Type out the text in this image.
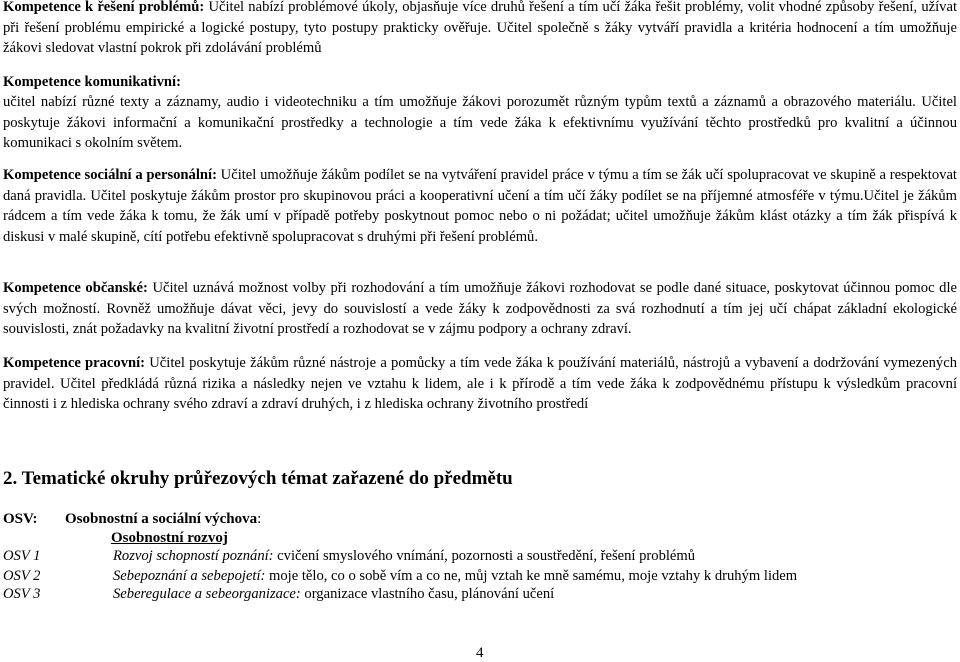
Kompetence k řešení problémů: Učitel nabízí problémové úkoly, objasňuje více druhů řešení a tím učí žáka řešit problémy, volit vhodné způsoby řešení, užívat při řešení problému empirické a logické postupy, tyto postupy prakticky ověřuje. Učitel společně s žáky vytváří pravidla a kritéria hodnocení a tím umožňuje žákovi sledovat vlastní pokrok při zdolávání problémů

Kompetence komunikativní:

učitel nabízí různé texty a záznamy, audio i videotechniku a tím umožňuje žákovi porozumět různým typům textů a záznamů a obrazového materiálu. Učitel poskytuje žákovi informační a komunikační prostředky a technologie a tím vede žáka k efektivnímu využívání těchto prostředků pro kvalitní a účinnou komunikaci s okolním světem.

Kompetence sociální a personální: Učitel umožňuje žákům podílet se na vytváření pravidel práce v týmu a tím se žák učí spolupracovat ve skupině a respektovat daná pravidla. Učitel poskytuje žákům prostor pro skupinovou práci a kooperativní učení a tím učí žáky podílet se na příjemné atmosféře v týmu.Učitel je žákům rádcem a tím vede žáka k tomu, že žák umí v případě potřeby poskytnout pomoc nebo o ni požádat; učitel umožňuje žákům klást otázky a tím žák přispívá k diskusi v malé skupině, cítí potřebu efektivně spolupracovat s druhými při řešení problémů.

Kompetence občanské: Učitel uznává možnost volby při rozhodování a tím umožňuje žákovi rozhodovat se podle dané situace, poskytovat účinnou pomoc dle svých možností. Rovněž umožňuje dávat věci, jevy do souvislostí a vede žáky k zodpovědnosti za svá rozhodnutí a tím jej učí chápat základní ekologické souvislosti, znát požadavky na kvalitní životní prostředí a rozhodovat se v zájmu podpory a ochrany zdraví.

Kompetence pracovní: Učitel poskytuje žákům různé nástroje a pomůcky a tím vede žáka k používání materiálů, nástrojů a vybavení a dodržování vymezených pravidel. Učitel předkládá různá rizika a následky nejen ve vztahu k lidem, ale i k přírodě a tím vede žáka k zodpovědnému přístupu k výsledkům pracovní činnosti i z hlediska ochrany svého zdraví a zdraví druhých, i z hlediska ochrany životního prostředí

2. Tematické okruhy průřezových témat zařazené do předmětu
OSV: Osobnostní a sociální výchova:
Osobnostní rozvoj
OSV 1	Rozvoj schopností poznání: cvičení smyslového vnímání, pozornosti a soustředění, řešení problémů
OSV 2	Sebepoznání a sebepojetí: moje tělo, co o sobě vím a co ne, můj vztah ke mně samému, moje vztahy k druhým lidem
OSV 3	Seberegulace a sebeorganizace: organizace vlastního času, plánování učení
4
